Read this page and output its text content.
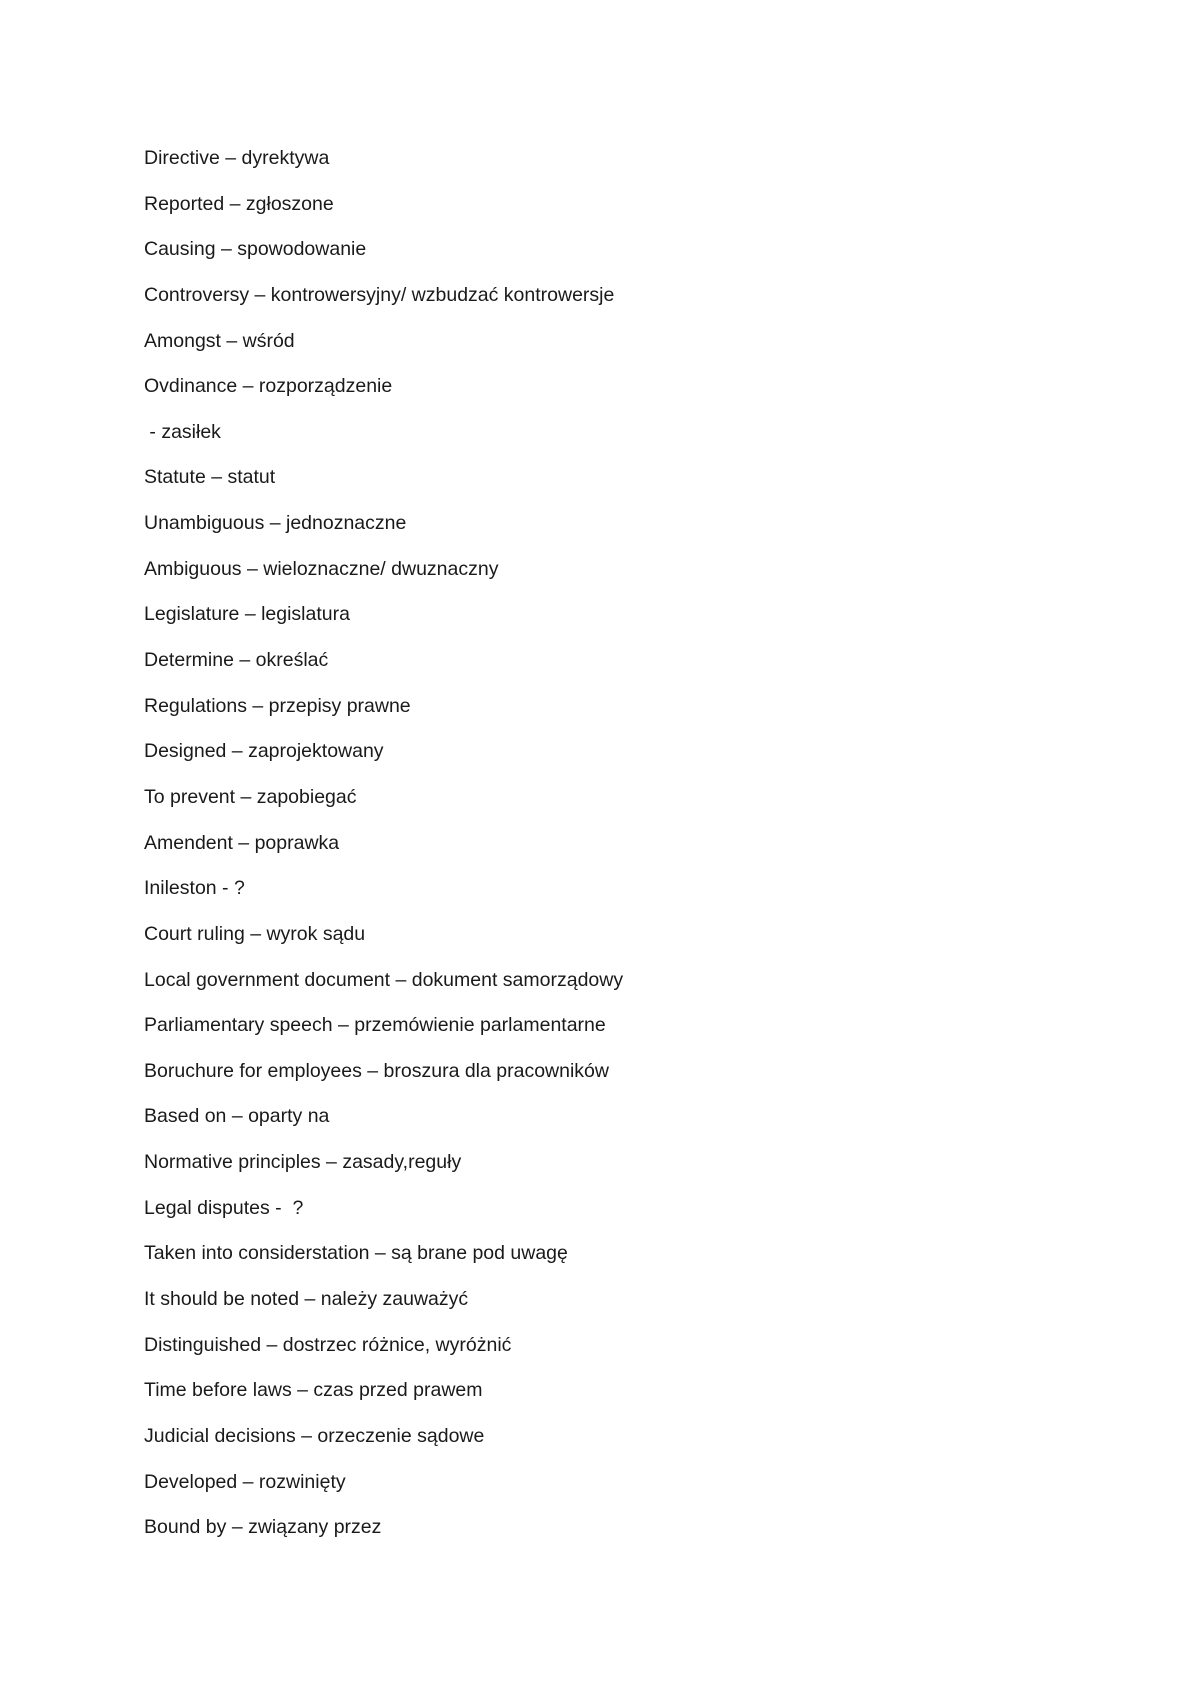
Directive – dyrektywa
Reported – zgłoszone
Causing – spowodowanie
Controversy – kontrowersyjny/ wzbudzać kontrowersje
Amongst – wśród
Ovdinance – rozporządzenie
- zasiłek
Statute – statut
Unambiguous – jednoznaczne
Ambiguous – wieloznaczne/ dwuznaczny
Legislature – legislatura
Determine – określać
Regulations – przepisy prawne
Designed – zaprojektowany
To prevent – zapobiegać
Amendent – poprawka
Inileston - ?
Court ruling – wyrok sądu
Local government document – dokument samorządowy
Parliamentary speech – przemówienie parlamentarne
Boruchure for employees – broszura dla pracowników
Based on – oparty na
Normative principles – zasady,reguły
Legal disputes -  ?
Taken into considerstation – są brane pod uwagę
It should be noted – należy zauważyć
Distinguished – dostrzec różnice, wyróżnić
Time before laws – czas przed prawem
Judicial decisions – orzeczenie sądowe
Developed – rozwinięty
Bound by – związany przez
